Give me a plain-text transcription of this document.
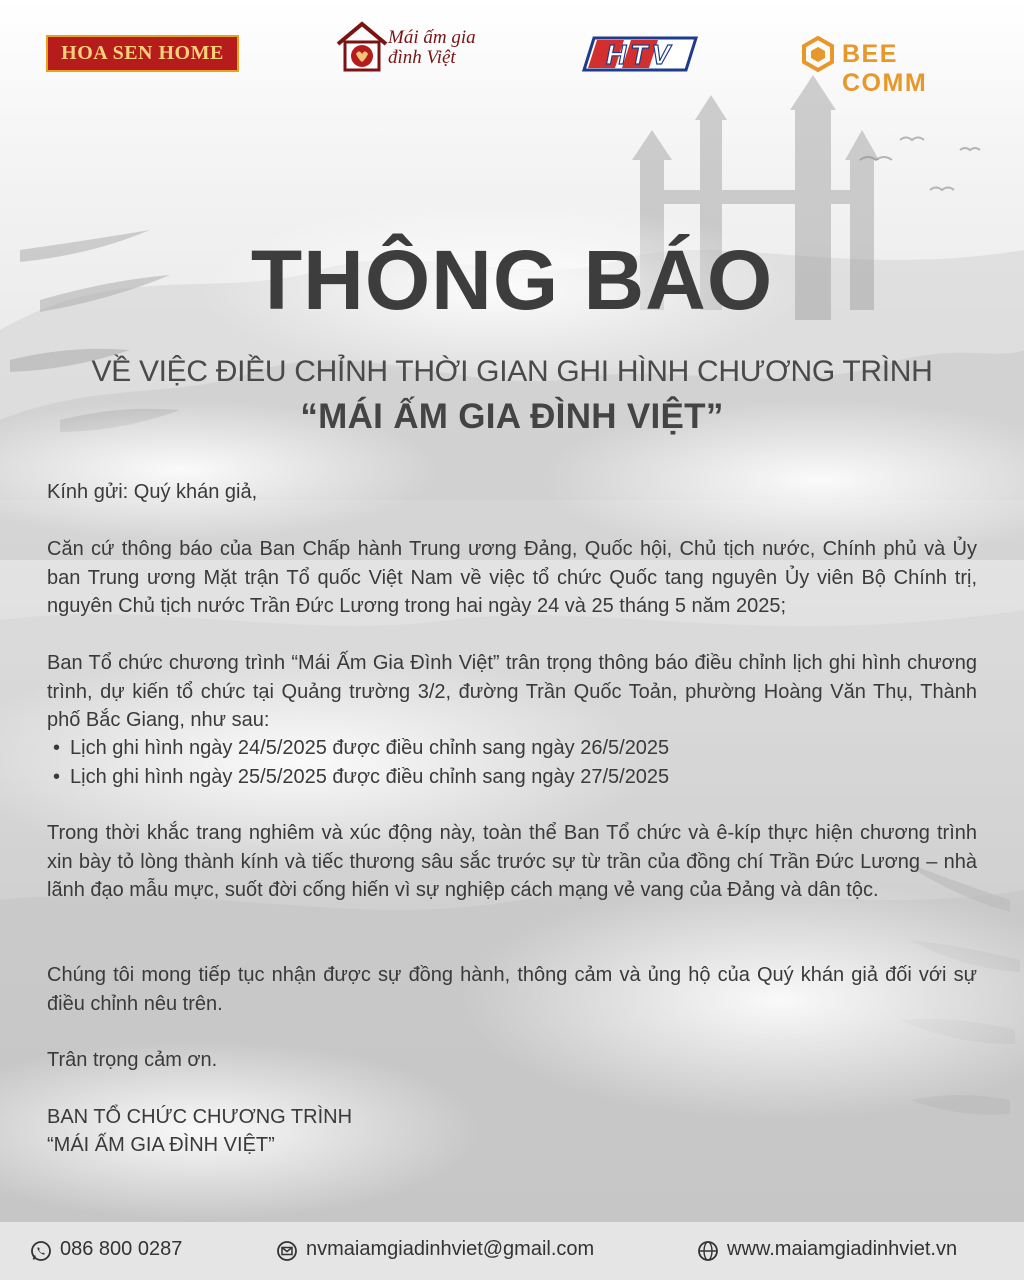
HOA SEN HOME
Mái ấm gia đình Việt	HTV	BEE COMM
THÔNG BÁO
VỀ VIỆC ĐIỀU CHỈNH THỜI GIAN GHI HÌNH CHƯƠNG TRÌNH
“MÁI ẤM GIA ĐÌNH VIỆT”
Kính gửi: Quý khán giả,
Căn cứ thông báo của Ban Chấp hành Trung ương Đảng, Quốc hội, Chủ tịch nước, Chính phủ và Ủy ban Trung ương Mặt trận Tổ quốc Việt Nam về việc tổ chức Quốc tang nguyên Ủy viên Bộ Chính trị, nguyên Chủ tịch nước Trần Đức Lương trong hai ngày 24 và 25 tháng 5 năm 2025;
Ban Tổ chức chương trình “Mái Ấm Gia Đình Việt” trân trọng thông báo điều chỉnh lịch ghi hình chương trình, dự kiến tổ chức tại Quảng trường 3/2, đường Trần Quốc Toản, phường Hoàng Văn Thụ, Thành phố Bắc Giang, như sau:
• Lịch ghi hình ngày 24/5/2025 được điều chỉnh sang ngày 26/5/2025
• Lịch ghi hình ngày 25/5/2025 được điều chỉnh sang ngày 27/5/2025
Trong thời khắc trang nghiêm và xúc động này, toàn thể Ban Tổ chức và ê-kíp thực hiện chương trình xin bày tỏ lòng thành kính và tiếc thương sâu sắc trước sự từ trần của đồng chí Trần Đức Lương – nhà lãnh đạo mẫu mực, suốt đời cống hiến vì sự nghiệp cách mạng vẻ vang của Đảng và dân tộc.
Chúng tôi mong tiếp tục nhận được sự đồng hành, thông cảm và ủng hộ của Quý khán giả đối với sự điều chỉnh nêu trên.
Trân trọng cảm ơn.
BAN TỔ CHỨC CHƯƠNG TRÌNH
“MÁI ẤM GIA ĐÌNH VIỆT”
086 800 0287	nvmaiamgiadinhviet@gmail.com	www.maiamgiadinhviet.vn
